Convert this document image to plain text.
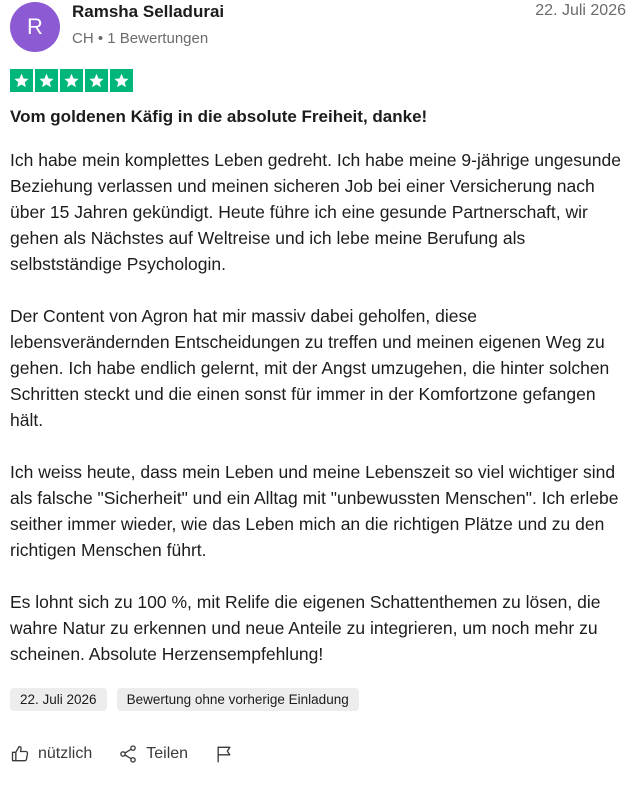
R
Ramsha Selladurai
CH • 1 Bewertungen
22. Juli 2026
Vom goldenen Käfig in die absolute Freiheit, danke!

Ich habe mein komplettes Leben gedreht. Ich habe meine 9-jährige ungesunde Beziehung verlassen und meinen sicheren Job bei einer Versicherung nach über 15 Jahren gekündigt. Heute führe ich eine gesunde Partnerschaft, wir gehen als Nächstes auf Weltreise und ich lebe meine Berufung als selbstständige Psychologin.

Der Content von Agron hat mir massiv dabei geholfen, diese lebensverändernden Entscheidungen zu treffen und meinen eigenen Weg zu gehen. Ich habe endlich gelernt, mit der Angst umzugehen, die hinter solchen Schritten steckt und die einen sonst für immer in der Komfortzone gefangen hält.

Ich weiss heute, dass mein Leben und meine Lebenszeit so viel wichtiger sind als falsche "Sicherheit" und ein Alltag mit "unbewussten Menschen". Ich erlebe seither immer wieder, wie das Leben mich an die richtigen Plätze und zu den richtigen Menschen führt.

Es lohnt sich zu 100 %, mit Relife die eigenen Schattenthemen zu lösen, die wahre Natur zu erkennen und neue Anteile zu integrieren, um noch mehr zu scheinen. Absolute Herzensempfehlung!

22. Juli 2026	Bewertung ohne vorherige Einladung
nützlich	Teilen
